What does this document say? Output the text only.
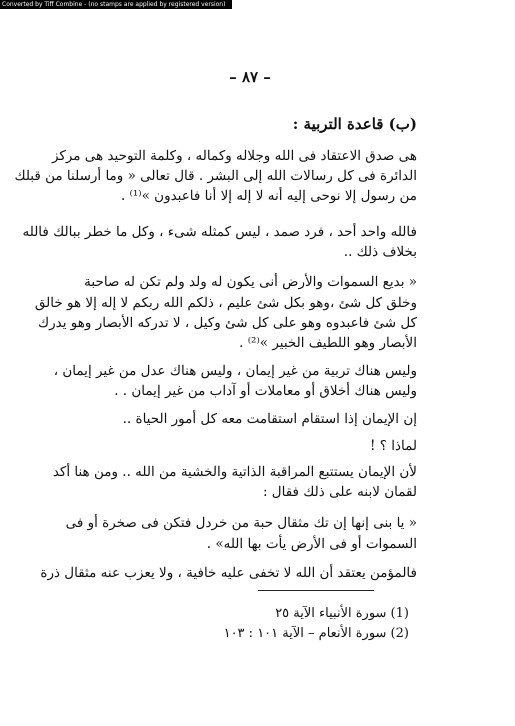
Converted by Tiff Combine - (no stamps are applied by registered version)
– ٨٧ –
(ب) قاعدة التربية :
هى صدق الاعتقاد فى الله وجلاله وكماله ، وكلمة التوحيد هى مركز
الدائرة فى كل رسالات الله إلى البشر . قال تعالى « وما أرسلنا من قبلك
من رسول إلا نوحى إليه أنه لا إله إلا أنا فاعبدون »⁽¹⁾ .
فالله واحد أحد ، فرد صمد ، ليس كمثله شىء ، وكل ما خطر ببالك فالله
بخلاف ذلك ..
« بديع السموات والأرض أنى يكون له ولد ولم تكن له صاحبة
وخلق كل شئ ،وهو بكل شئ عليم ، ذلكم الله ربكم لا إله إلا هو خالق
كل شئ فاعبدوه وهو على كل شئ وكيل ، لا تدركه الأبصار وهو يدرك
الأبصار وهو اللطيف الخبير »⁽²⁾ .
وليس هناك تربية من غير إيمان ، وليس هناك عدل من غير إيمان ،
وليس هناك أخلاق أو معاملات أو آداب من غير إيمان . .
إن الإيمان إذا استقام استقامت معه كل أمور الحياة ..
لماذا ؟ !
لأن الإيمان يستتبع المراقبة الذاتية والخشية من الله .. ومن هنا أكد
لقمان لابنه على ذلك فقال :
« يا بنى إنها إن تك مثقال حبة من خردل فتكن فى صخرة أو فى
السموات أو فى الأرض يأت بها الله» .
فالمؤمن يعتقد أن الله لا تخفى عليه خافية ، ولا يعزب عنه مثقال ذرة
(1) سورة الأنبياء الآية ٢٥
(2) سورة الأنعام – الآية ١٠١ : ١٠٣
